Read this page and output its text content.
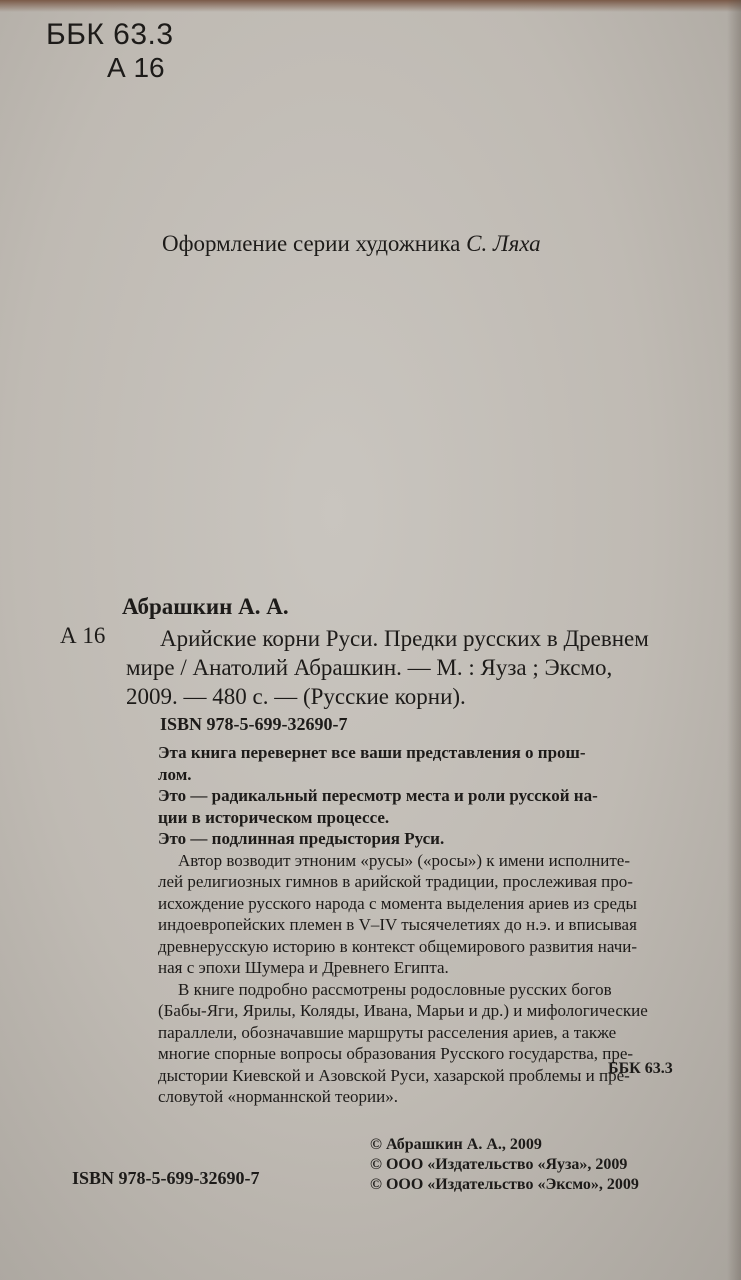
ББК 63.3
А 16
Оформление серии художника С. Ляха
Абрашкин А. А.
А 16	Арийские корни Руси. Предки русских в Древнем
мире / Анатолий Абрашкин. — М. : Яуза ; Эксмо,
2009. — 480 с. — (Русские корни).
ISBN 978-5-699-32690-7
Эта книга перевернет все ваши представления о прош-
лом.
Это — радикальный пересмотр места и роли русской на-
ции в историческом процессе.
Это — подлинная предыстория Руси.
Автор возводит этноним «русы» («росы») к имени исполните-
лей религиозных гимнов в арийской традиции, прослеживая про-
исхождение русского народа с момента выделения ариев из среды
индоевропейских племен в V–IV тысячелетиях до н.э. и вписывая
древнерусскую историю в контекст общемирового развития начи-
ная с эпохи Шумера и Древнего Египта.
В книге подробно рассмотрены родословные русских богов
(Бабы-Яги, Ярилы, Коляды, Ивана, Марьи и др.) и мифологические
параллели, обозначавшие маршруты расселения ариев, а также
многие спорные вопросы образования Русского государства, пре-
дыстории Киевской и Азовской Руси, хазарской проблемы и пре-
словутой «норманнской теории».
ББК 63.3
ISBN 978-5-699-32690-7
© Абрашкин А. А., 2009
© ООО «Издательство «Яуза», 2009
© ООО «Издательство «Эксмо», 2009
